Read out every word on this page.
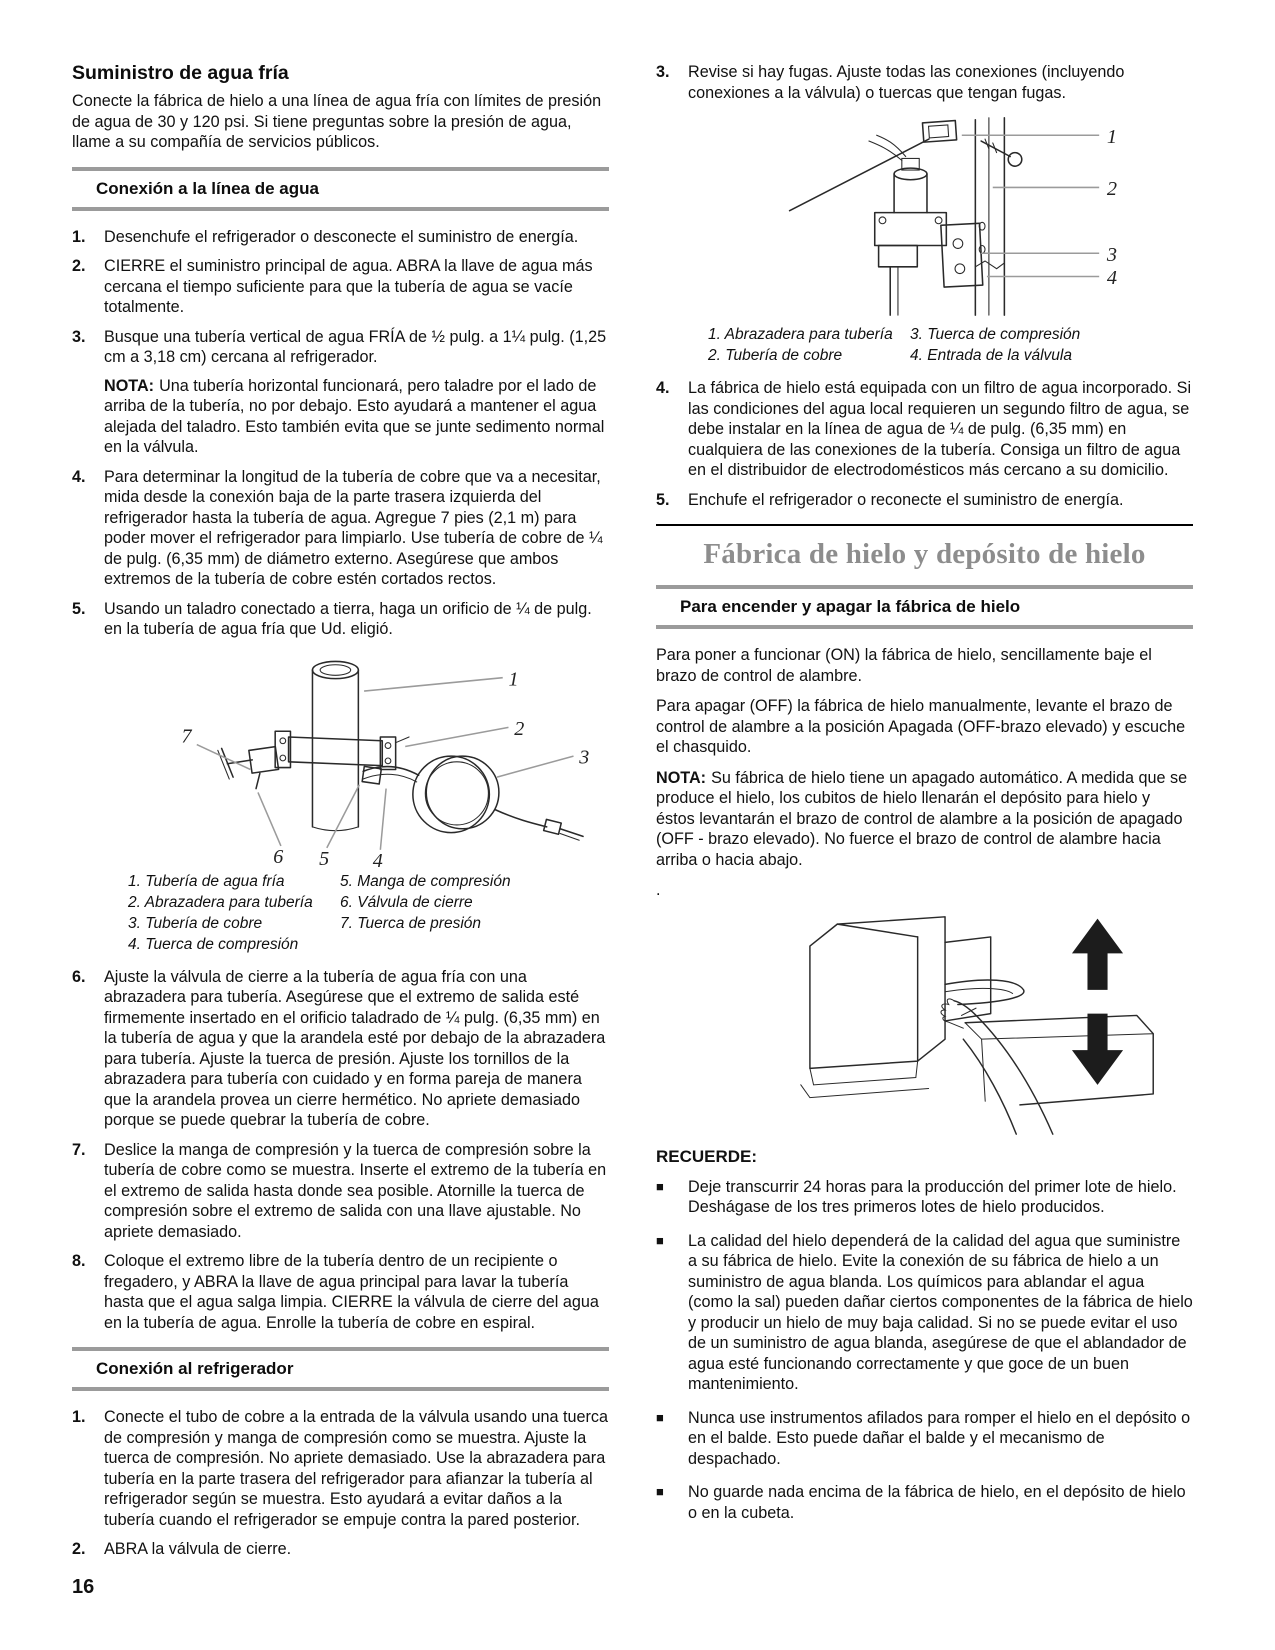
Suministro de agua fría

Conecte la fábrica de hielo a una línea de agua fría con límites de presión de agua de 30 y 120 psi. Si tiene preguntas sobre la presión de agua, llame a su compañía de servicios públicos.

Conexión a la línea de agua
1.	Desenchufe el refrigerador o desconecte el suministro de energía.
2.	CIERRE el suministro principal de agua. ABRA la llave de agua más cercana el tiempo suficiente para que la tubería de agua se vacíe totalmente.
3.	Busque una tubería vertical de agua FRÍA de ½ pulg. a 1¼ pulg. (1,25 cm a 3,18 cm) cercana al refrigerador.
NOTA: Una tubería horizontal funcionará, pero taladre por el lado de arriba de la tubería, no por debajo. Esto ayudará a mantener el agua alejada del taladro. Esto también evita que se junte sedimento normal en la válvula.
4.	Para determinar la longitud de la tubería de cobre que va a necesitar, mida desde la conexión baja de la parte trasera izquierda del refrigerador hasta la tubería de agua. Agregue 7 pies (2,1 m) para poder mover el refrigerador para limpiarlo. Use tubería de cobre de ¼ de pulg. (6,35 mm) de diámetro externo. Asegúrese que ambos extremos de la tubería de cobre estén cortados rectos.
5.	Usando un taladro conectado a tierra, haga un orificio de ¼ de pulg. en la tubería de agua fría que Ud. eligió.
1
2
3
7
6 5 4
1. Tubería de agua fría
2. Abrazadera para tubería
3. Tubería de cobre
4. Tuerca de compresión
5. Manga de compresión
6. Válvula de cierre
7. Tuerca de presión
6.	Ajuste la válvula de cierre a la tubería de agua fría con una abrazadera para tubería. Asegúrese que el extremo de salida esté firmemente insertado en el orificio taladrado de ¼ pulg. (6,35 mm) en la tubería de agua y que la arandela esté por debajo de la abrazadera para tubería. Ajuste la tuerca de presión. Ajuste los tornillos de la abrazadera para tubería con cuidado y en forma pareja de manera que la arandela provea un cierre hermético. No apriete demasiado porque se puede quebrar la tubería de cobre.
7.	Deslice la manga de compresión y la tuerca de compresión sobre la tubería de cobre como se muestra. Inserte el extremo de la tubería en el extremo de salida hasta donde sea posible. Atornille la tuerca de compresión sobre el extremo de salida con una llave ajustable. No apriete demasiado.
8.	Coloque el extremo libre de la tubería dentro de un recipiente o fregadero, y ABRA la llave de agua principal para lavar la tubería hasta que el agua salga limpia. CIERRE la válvula de cierre del agua en la tubería de agua. Enrolle la tubería de cobre en espiral.
Conexión al refrigerador
1.	Conecte el tubo de cobre a la entrada de la válvula usando una tuerca de compresión y manga de compresión como se muestra. Ajuste la tuerca de compresión. No apriete demasiado. Use la abrazadera para tubería en la parte trasera del refrigerador para afianzar la tubería al refrigerador según se muestra. Esto ayudará a evitar daños a la tubería cuando el refrigerador se empuje contra la pared posterior.
2.	ABRA la válvula de cierre.
3.	Revise si hay fugas. Ajuste todas las conexiones (incluyendo conexiones a la válvula) o tuercas que tengan fugas.
1
2
3
4
1. Abrazadera para tubería
2. Tubería de cobre
3. Tuerca de compresión
4. Entrada de la válvula
4.	La fábrica de hielo está equipada con un filtro de agua incorporado. Si las condiciones del agua local requieren un segundo filtro de agua, se debe instalar en la línea de agua de ¼ de pulg. (6,35 mm) en cualquiera de las conexiones de la tubería. Consiga un filtro de agua en el distribuidor de electrodomésticos más cercano a su domicilio.
5.	Enchufe el refrigerador o reconecte el suministro de energía.
Fábrica de hielo y depósito de hielo
Para encender y apagar la fábrica de hielo

Para poner a funcionar (ON) la fábrica de hielo, sencillamente baje el brazo de control de alambre.

Para apagar (OFF) la fábrica de hielo manualmente, levante el brazo de control de alambre a la posición Apagada (OFF-brazo elevado) y escuche el chasquido.

NOTA: Su fábrica de hielo tiene un apagado automático. A medida que se produce el hielo, los cubitos de hielo llenarán el depósito para hielo y éstos levantarán el brazo de control de alambre a la posición de apagado (OFF - brazo elevado). No fuerce el brazo de control de alambre hacia arriba o hacia abajo.

.

RECUERDE:
■	Deje transcurrir 24 horas para la producción del primer lote de hielo. Deshágase de los tres primeros lotes de hielo producidos.
■	La calidad del hielo dependerá de la calidad del agua que suministre a su fábrica de hielo. Evite la conexión de su fábrica de hielo a un suministro de agua blanda. Los químicos para ablandar el agua (como la sal) pueden dañar ciertos componentes de la fábrica de hielo y producir un hielo de muy baja calidad. Si no se puede evitar el uso de un suministro de agua blanda, asegúrese de que el ablandador de agua esté funcionando correctamente y que goce de un buen mantenimiento.
■	Nunca use instrumentos afilados para romper el hielo en el depósito o en el balde. Esto puede dañar el balde y el mecanismo de despachado.
■	No guarde nada encima de la fábrica de hielo, en el depósito de hielo o en la cubeta.
16
